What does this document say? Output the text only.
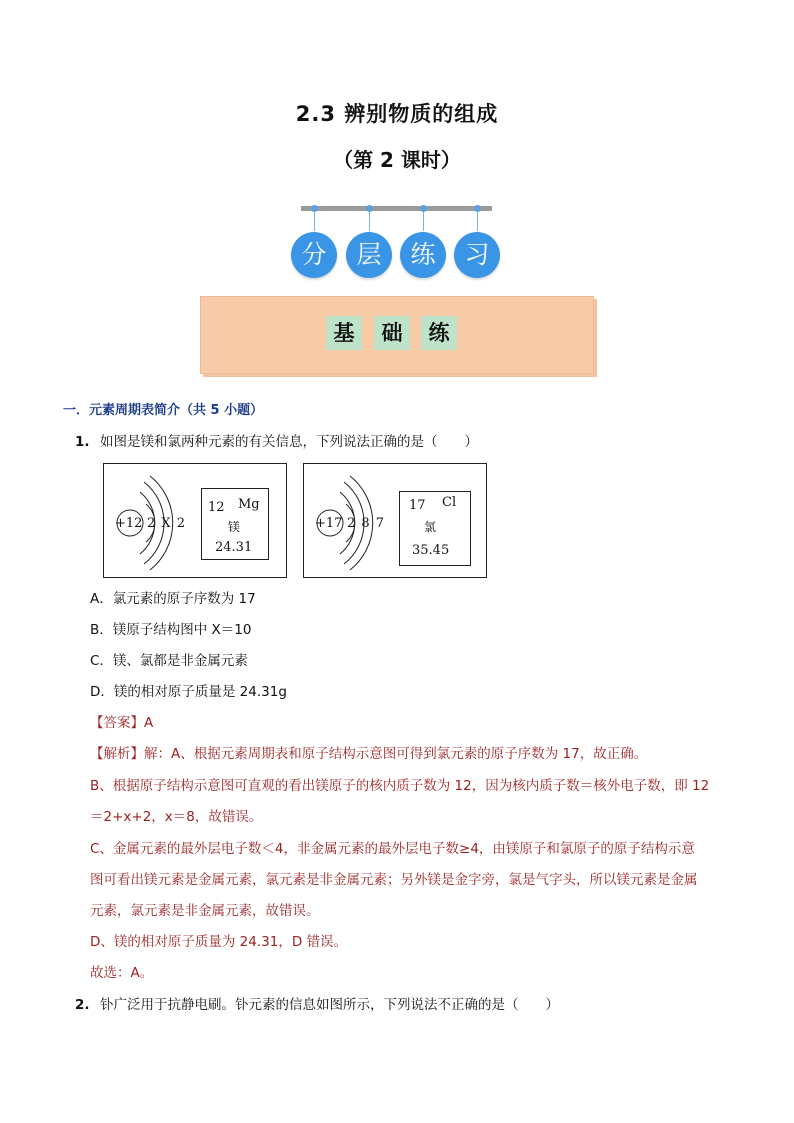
2.3 辨别物质的组成
（第 2 课时）
分	层	练	习
基	础	练
一．元素周期表简介（共 5 小题）
1. 如图是镁和氯两种元素的有关信息，下列说法正确的是（　　）
+12 2 X 2
12 Mg
镁
24.31
+17 2 8 7
17 Cl
氯
35.45
A．氯元素的原子序数为 17
B．镁原子结构图中 X＝10
C．镁、氯都是非金属元素
D．镁的相对原子质量是 24.31g
【答案】A
【解析】解：A、根据元素周期表和原子结构示意图可得到氯元素的原子序数为 17，故正确。
B、根据原子结构示意图可直观的看出镁原子的核内质子数为 12，因为核内质子数＝核外电子数，即 12
＝2+x+2，x＝8，故错误。
C、金属元素的最外层电子数＜4，非金属元素的最外层电子数≥4，由镁原子和氯原子的原子结构示意
图可看出镁元素是金属元素，氯元素是非金属元素；另外镁是金字旁，氯是气字头，所以镁元素是金属
元素，氯元素是非金属元素，故错误。
D、镁的相对原子质量为 24.31，D 错误。
故选：A。
2. 钋广泛用于抗静电刷。钋元素的信息如图所示，下列说法不正确的是（　　）
